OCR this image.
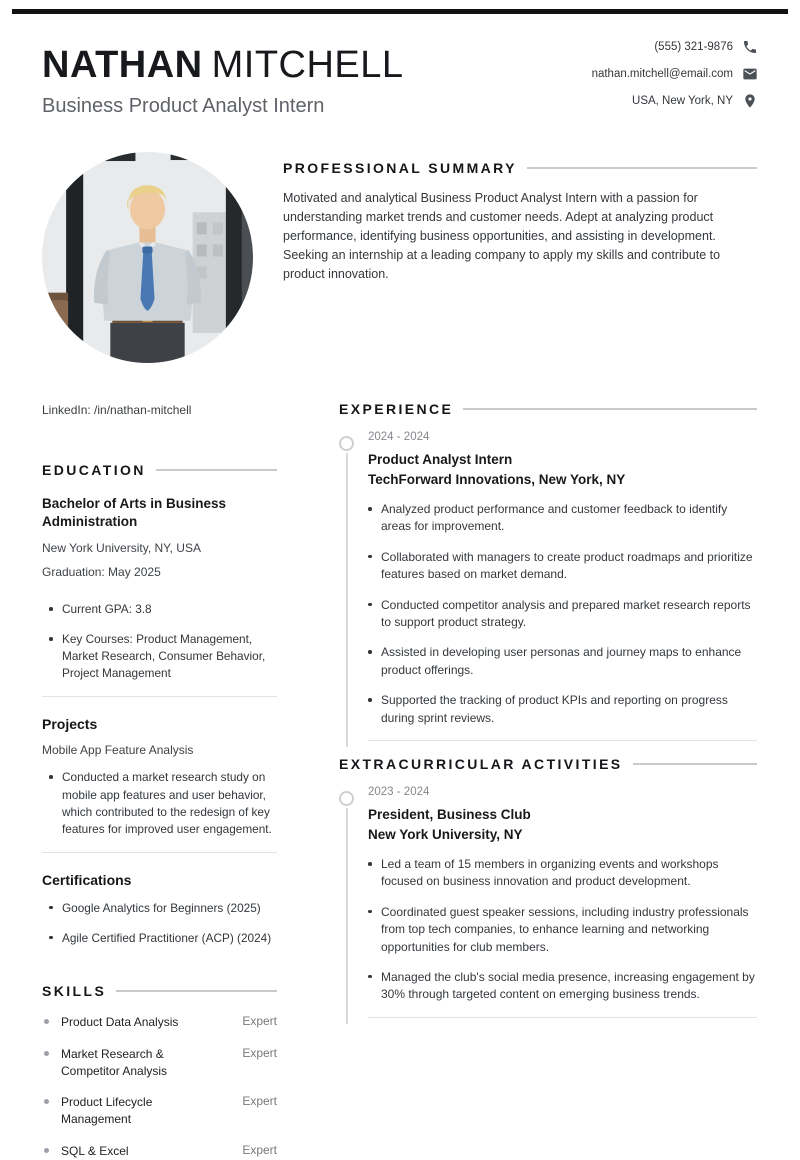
NATHAN MITCHELL
Business Product Analyst Intern
(555) 321-9876
nathan.mitchell@email.com
USA, New York, NY
LinkedIn: /in/nathan-mitchell
EDUCATION
Bachelor of Arts in Business Administration
New York University, NY, USA
Graduation: May 2025
Current GPA: 3.8
Key Courses: Product Management, Market Research, Consumer Behavior, Project Management
Projects
Mobile App Feature Analysis
Conducted a market research study on mobile app features and user behavior, which contributed to the redesign of key features for improved user engagement.
Certifications
Google Analytics for Beginners (2025)
Agile Certified Practitioner (ACP) (2024)
SKILLS
Product Data Analysis	Expert
Market Research & Competitor Analysis
Expert
Product Lifecycle Management
Expert
SQL & Excel	Expert
PROFESSIONAL SUMMARY

Motivated and analytical Business Product Analyst Intern with a passion for understanding market trends and customer needs. Adept at analyzing product performance, identifying business opportunities, and assisting in development. Seeking an internship at a leading company to apply my skills and contribute to product innovation.

EXPERIENCE
2024 - 2024
Product Analyst Intern
TechForward Innovations, New York, NY
Analyzed product performance and customer feedback to identify areas for improvement.
Collaborated with managers to create product roadmaps and prioritize features based on market demand.
Conducted competitor analysis and prepared market research reports to support product strategy.
Assisted in developing user personas and journey maps to enhance product offerings.
Supported the tracking of product KPIs and reporting on progress during sprint reviews.
EXTRACURRICULAR ACTIVITIES
2023 - 2024
President, Business Club
New York University, NY
Led a team of 15 members in organizing events and workshops focused on business innovation and product development.
Coordinated guest speaker sessions, including industry professionals from top tech companies, to enhance learning and networking opportunities for club members.
Managed the club's social media presence, increasing engagement by 30% through targeted content on emerging business trends.
